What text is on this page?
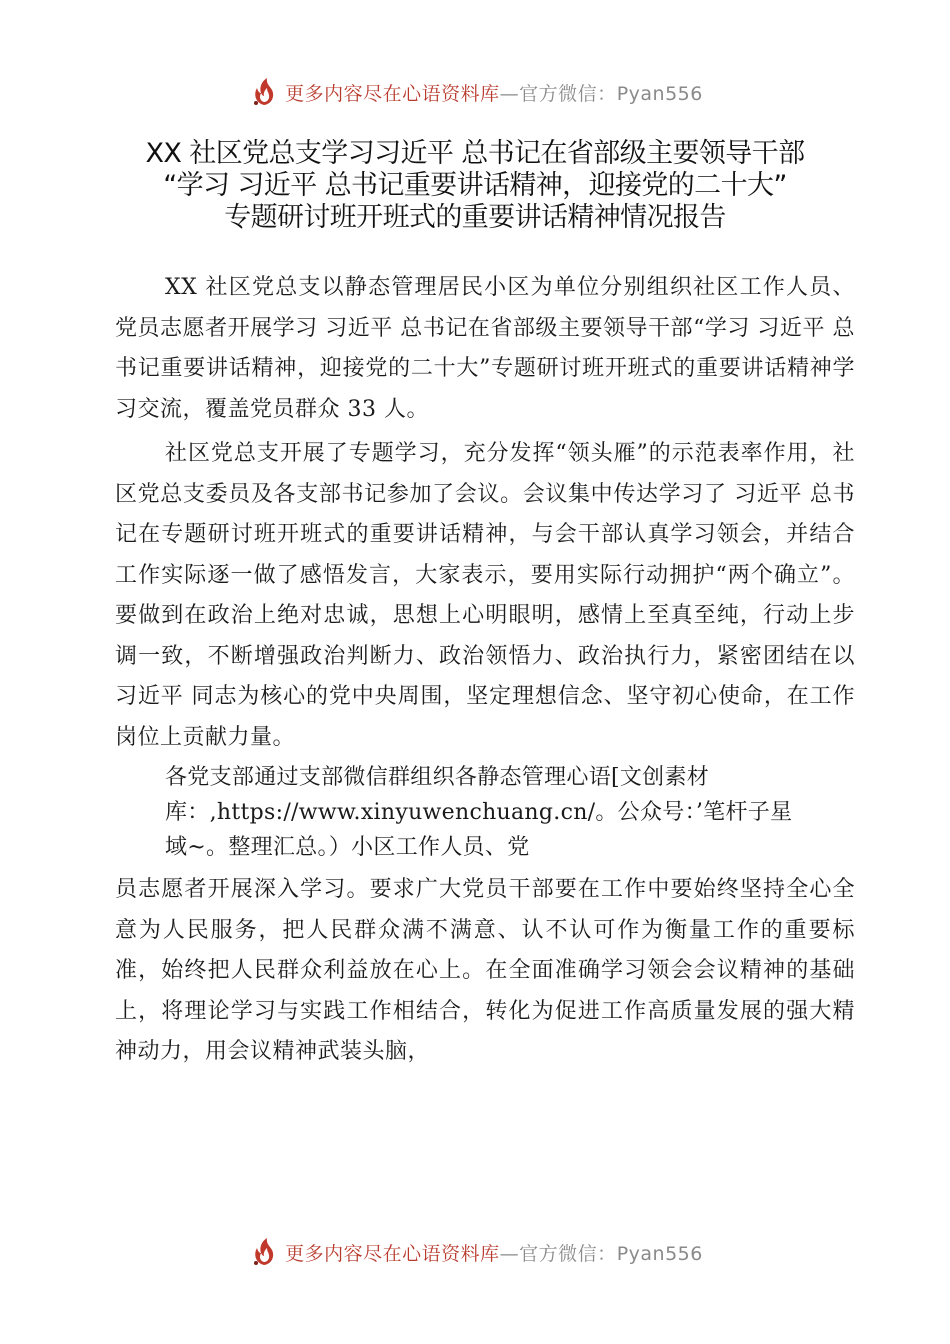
更多内容尽在心语资料库—官方微信：Pyan556
XX 社区党总支学习习近平 总书记在省部级主要领导干部
“学习 习近平 总书记重要讲话精神，迎接党的二十大”
专题研讨班开班式的重要讲话精神情况报告

XX 社区党总支以静态管理居民小区为单位分别组织社区工作人员、党员志愿者开展学习 习近平 总书记在省部级主要领导干部“学习 习近平 总书记重要讲话精神，迎接党的二十大”专题研讨班开班式的重要讲话精神学习交流，覆盖党员群众 33 人。

社区党总支开展了专题学习，充分发挥“领头雁”的示范表率作用，社区党总支委员及各支部书记参加了会议。会议集中传达学习了 习近平 总书记在专题研讨班开班式的重要讲话精神，与会干部认真学习领会，并结合工作实际逐一做了感悟发言，大家表示，要用实际行动拥护“两个确立”。要做到在政治上绝对忠诚，思想上心明眼明，感情上至真至纯，行动上步调一致，不断增强政治判断力、政治领悟力、政治执行力，紧密团结在以 习近平 同志为核心的党中央周围，坚定理想信念、坚守初心使命，在工作岗位上贡献力量。

各党支部通过支部微信群组织各静态管理心语[文创素材
库：,https://www.xinyuwenchuang.cn/。公众号：’笔杆子星
域~。整理汇总。）小区工作人员、党

员志愿者开展深入学习。要求广大党员干部要在工作中要始终坚持全心全意为人民服务，把人民群众满不满意、认不认可作为衡量工作的重要标准，始终把人民群众利益放在心上。在全面准确学习领会会议精神的基础上，将理论学习与实践工作相结合，转化为促进工作高质量发展的强大精神动力，用会议精神武装头脑，

更多内容尽在心语资料库—官方微信：Pyan556
